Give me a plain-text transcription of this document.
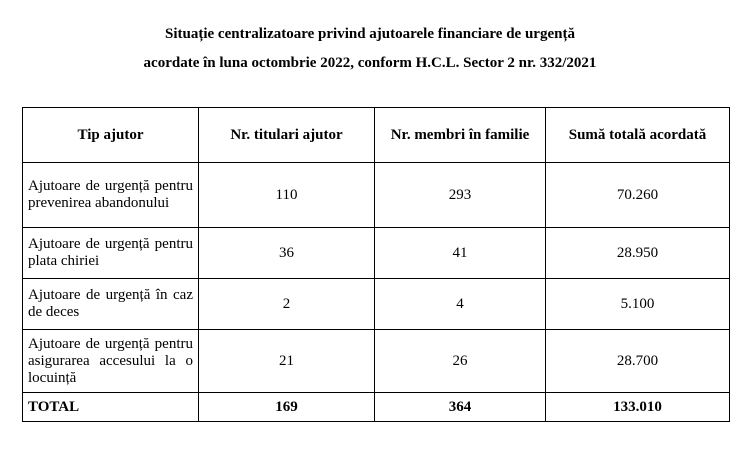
Situație centralizatoare privind ajutoarele financiare de urgență
acordate în luna octombrie 2022, conform H.C.L. Sector 2 nr. 332/2021
Tip ajutor	Nr. titulari ajutor	Nr. membri în familie	Sumă totală acordată
Ajutoare de urgență pentru prevenirea abandonului	110	293	70.260
Ajutoare de urgență pentru plata chiriei	36	41	28.950
Ajutoare de urgență în caz de deces	2	4	5.100
Ajutoare de urgență pentru asigurarea accesului la o locuință	21	26	28.700
TOTAL	169	364	133.010
